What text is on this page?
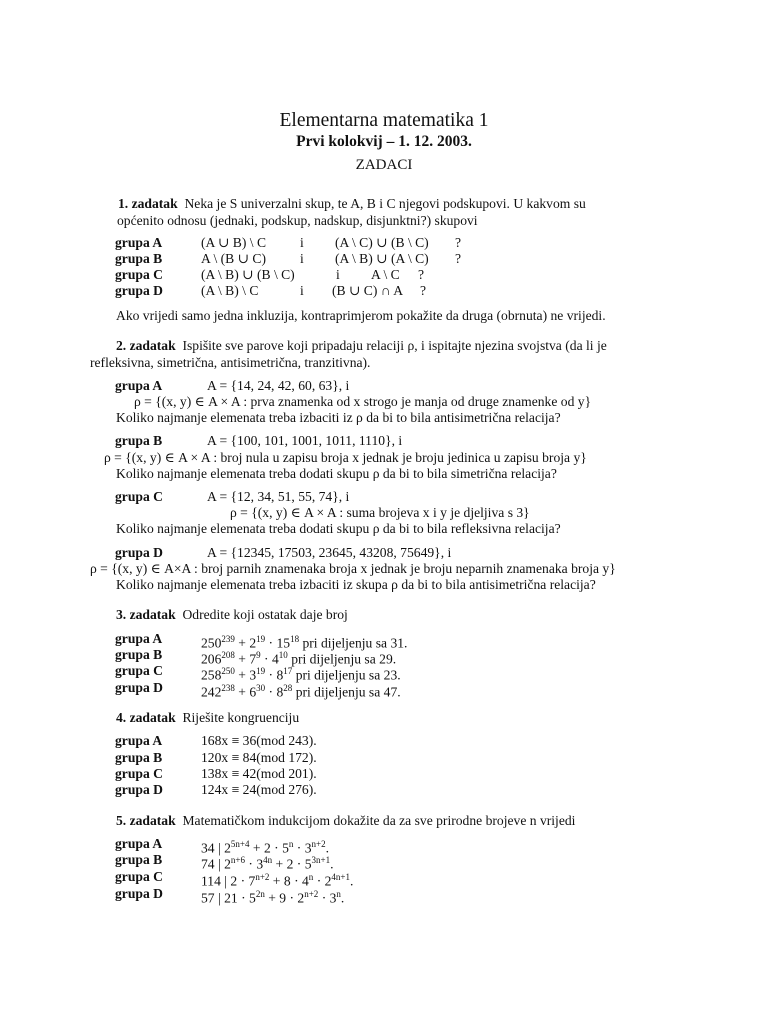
Elementarna matematika 1
Prvi kolokvij – 1. 12. 2003.
ZADACI
1. zadatak Neka je S univerzalni skup, te A, B i C njegovi podskupovi. U kakvom su
općenito odnosu (jednaki, podskup, nadskup, disjunktni?) skupovi
grupa A	(A ∪ B) \ C i (A \ C) ∪ (B \ C) ?
grupa B	A \ (B ∪ C) i (A \ B) ∪ (A \ C) ?
grupa C	(A \ B) ∪ (B \ C)	i A \ C ?
grupa D	(A \ B) \ C	i (B ∪ C) ∩ A ?
Ako vrijedi samo jedna inkluzija, kontraprimjerom pokažite da druga (obrnuta) ne vrijedi.
2. zadatak Ispišite sve parove koji pripadaju relaciji ρ, i ispitajte njezina svojstva (da li je
refleksivna, simetrična, antisimetrična, tranzitivna).
grupa A	A = {14, 24, 42, 60, 63}, i
ρ = {(x, y) ∈ A × A : prva znamenka od x strogo je manja od druge znamenke od y}
Koliko najmanje elemenata treba izbaciti iz ρ da bi to bila antisimetrična relacija?
grupa B	A = {100, 101, 1001, 1011, 1110}, i
ρ = {(x, y) ∈ A × A : broj nula u zapisu broja x jednak je broju jedinica u zapisu broja y}
Koliko najmanje elemenata treba dodati skupu ρ da bi to bila simetrična relacija?
grupa C	A = {12, 34, 51, 55, 74}, i
ρ = {(x, y) ∈ A × A : suma brojeva x i y je djeljiva s 3}
Koliko najmanje elemenata treba dodati skupu ρ da bi to bila refleksivna relacija?
grupa D	A = {12345, 17503, 23645, 43208, 75649}, i
ρ = {(x, y) ∈ A×A : broj parnih znamenaka broja x jednak je broju neparnih znamenaka broja y}
Koliko najmanje elemenata treba izbaciti iz skupa ρ da bi to bila antisimetrična relacija?
3. zadatak Odredite koji ostatak daje broj
grupa A	$250^{239} + 2^{19} \cdot 15^{18}$ pri dijeljenju sa 31.
grupa B	$206^{208} + 7^9 \cdot 4^{10}$ pri dijeljenju sa 29.
grupa C	$258^{250} + 3^{19} \cdot 8^{17}$ pri dijeljenju sa 23.
grupa D	$242^{238} + 6^{30} \cdot 8^{28}$ pri dijeljenju sa 47.
4. zadatak Riješite kongruenciju
grupa A	168x ≡ 36(mod 243).
grupa B	120x ≡ 84(mod 172).
grupa C	138x ≡ 42(mod 201).
grupa D	124x ≡ 24(mod 276).
5. zadatak Matematičkom indukcijom dokažite da za sve prirodne brojeve n vrijedi
grupa A	34 | $2^{5n+4} + 2 \cdot 5^n \cdot 3^{n+2}$.
grupa B	74 | $2^{n+6} \cdot 3^{4n} + 2 \cdot 5^{3n+1}$.
grupa C	114 | $2 \cdot 7^{n+2} + 8 \cdot 4^n \cdot 2^{4n+1}$.
grupa D	57 | $21 \cdot 5^{2n} + 9 \cdot 2^{n+2} \cdot 3^n$.
